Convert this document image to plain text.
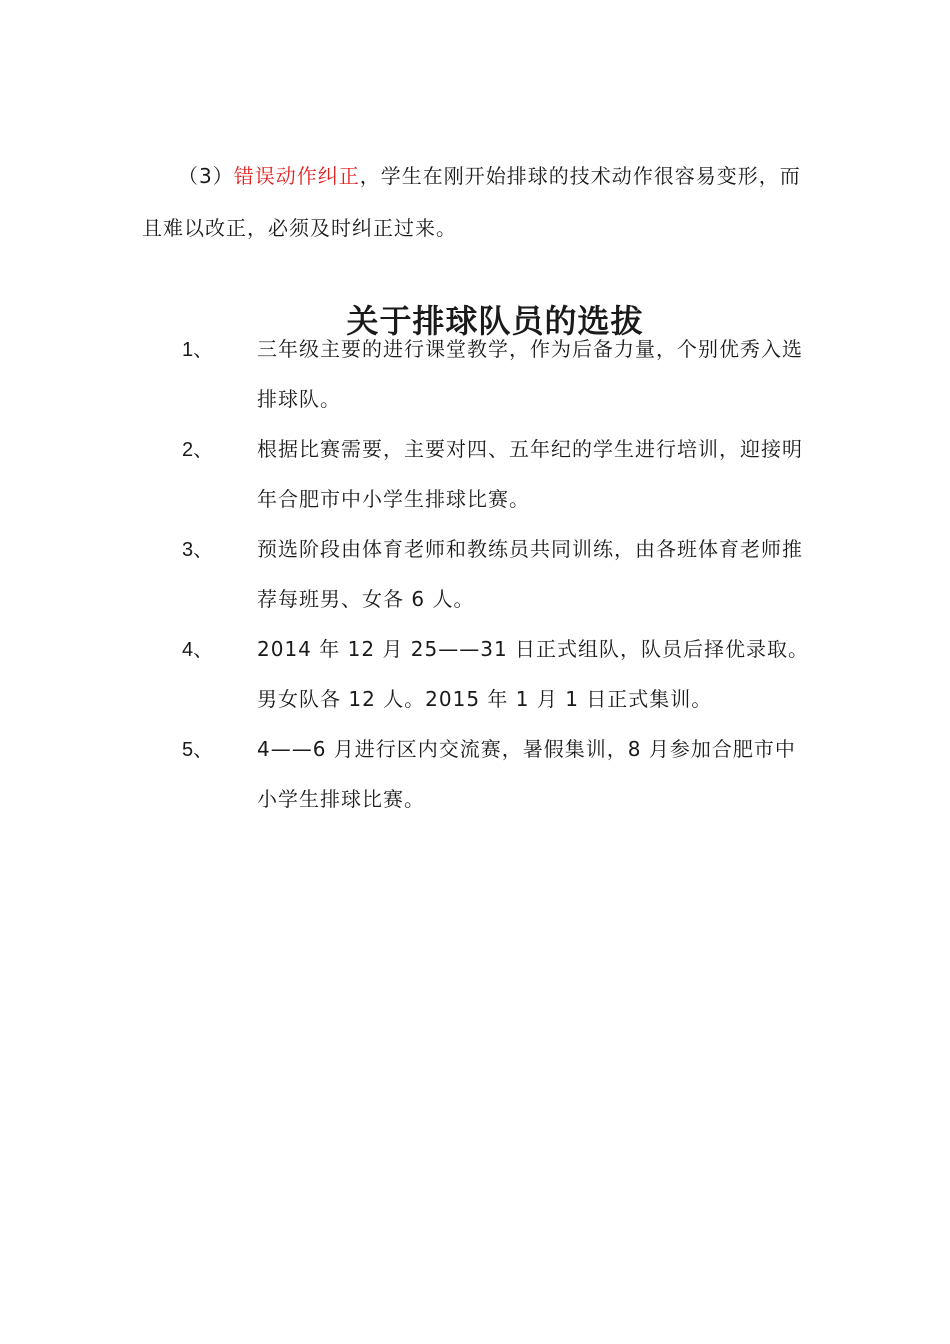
（3）错误动作纠正，学生在刚开始排球的技术动作很容易变形，而且难以改正，必须及时纠正过来。

关于排球队员的选拔
1、	三年级主要的进行课堂教学，作为后备力量，个别优秀入选排球队。
2、	根据比赛需要，主要对四、五年纪的学生进行培训，迎接明年合肥市中小学生排球比赛。
3、	预选阶段由体育老师和教练员共同训练，由各班体育老师推荐每班男、女各 6 人。
4、	2014 年 12 月 25——31 日正式组队，队员后择优录取。男女队各 12 人。2015 年 1 月 1 日正式集训。
5、	4——6 月进行区内交流赛，暑假集训，8 月参加合肥市中小学生排球比赛。
